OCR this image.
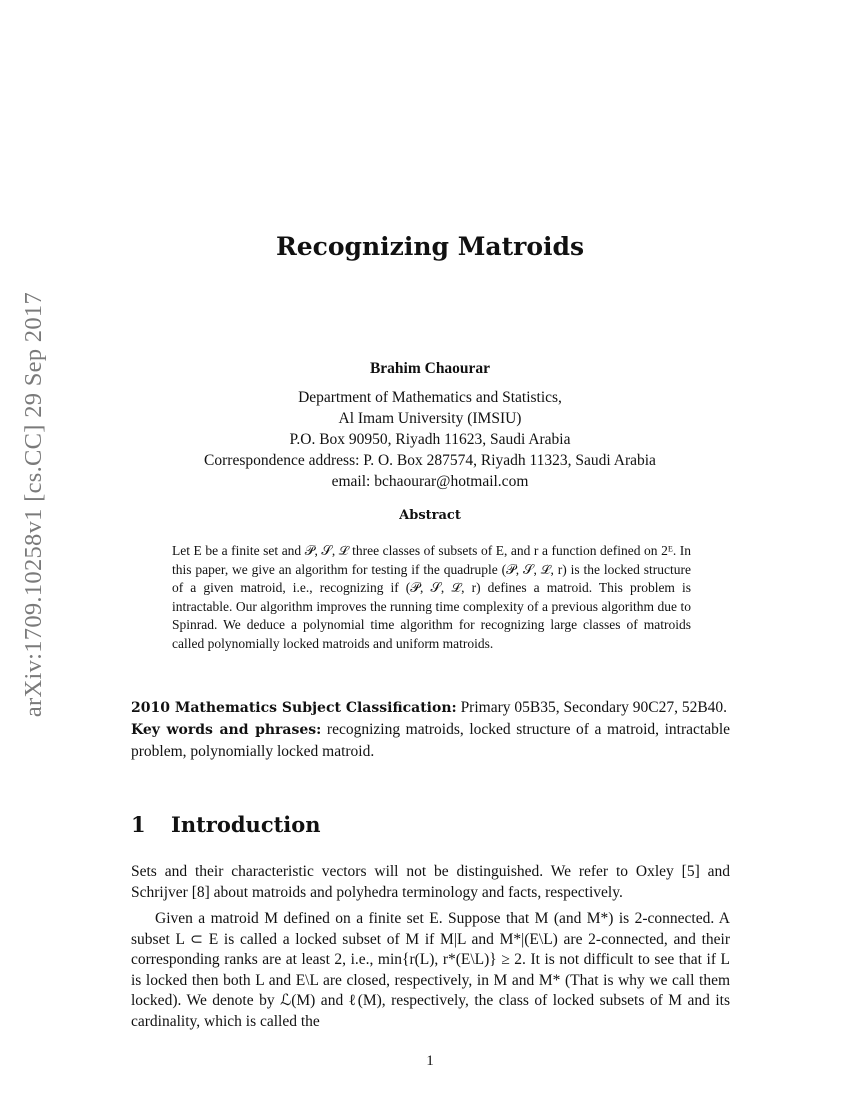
arXiv:1709.10258v1 [cs.CC] 29 Sep 2017
Recognizing Matroids
Brahim Chaourar
Department of Mathematics and Statistics,
Al Imam University (IMSIU)
P.O. Box 90950, Riyadh 11623, Saudi Arabia
Correspondence address: P. O. Box 287574, Riyadh 11323, Saudi Arabia
email: bchaourar@hotmail.com
Abstract

Let E be a finite set and 𝒫, 𝒮, ℒ three classes of subsets of E, and r a function defined on 2ᴱ. In this paper, we give an algorithm for testing if the quadruple (𝒫, 𝒮, ℒ, r) is the locked structure of a given matroid, i.e., recognizing if (𝒫, 𝒮, ℒ, r) defines a matroid. This problem is intractable. Our algorithm improves the running time complexity of a previous algorithm due to Spinrad. We deduce a polynomial time algorithm for recognizing large classes of matroids called polynomially locked matroids and uniform matroids.

2010 Mathematics Subject Classification: Primary 05B35, Secondary 90C27, 52B40.
Key words and phrases: recognizing matroids, locked structure of a matroid, intractable problem, polynomially locked matroid.
1 Introduction

Sets and their characteristic vectors will not be distinguished. We refer to Oxley [5] and Schrijver [8] about matroids and polyhedra terminology and facts, respectively.

Given a matroid M defined on a finite set E. Suppose that M (and M*) is 2-connected. A subset L ⊂ E is called a locked subset of M if M|L and M*|(E\L) are 2-connected, and their corresponding ranks are at least 2, i.e., min{r(L), r*(E\L)} ≥ 2. It is not difficult to see that if L is locked then both L and E\L are closed, respectively, in M and M* (That is why we call them locked). We denote by ℒ(M) and ℓ(M), respectively, the class of locked subsets of M and its cardinality, which is called the

1
